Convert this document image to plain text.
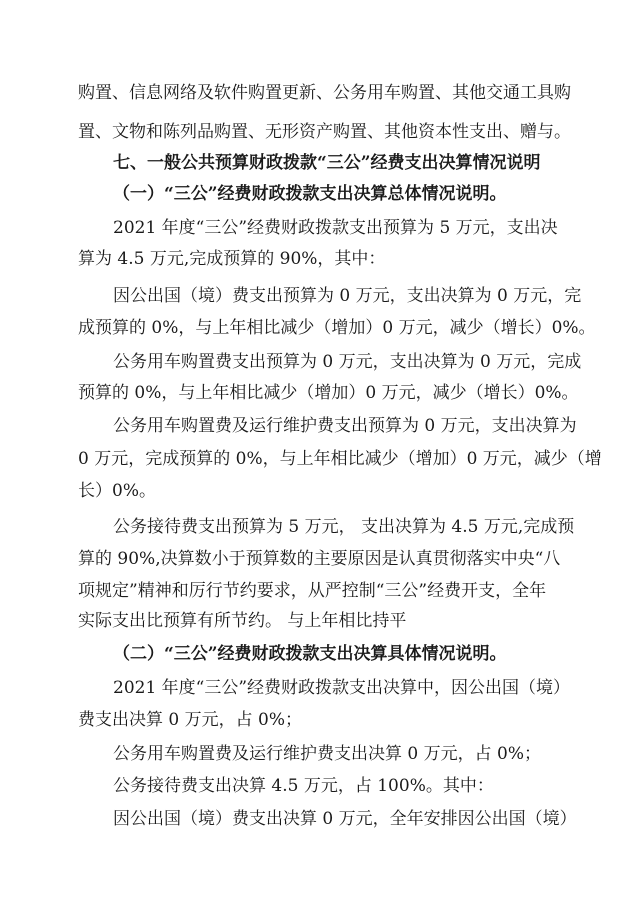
购置、信息网络及软件购置更新、公务用车购置、其他交通工具购
置、文物和陈列品购置、无形资产购置、其他资本性支出、赠与。
七、一般公共预算财政拨款“三公”经费支出决算情况说明
（一）“三公”经费财政拨款支出决算总体情况说明。
2021 年度“三公”经费财政拨款支出预算为 5 万元，支出决
算为 4.5 万元,完成预算的 90%，其中：
因公出国（境）费支出预算为 0 万元，支出决算为 0 万元，完
成预算的 0%，与上年相比减少（增加）0 万元，减少（增长）0%。
公务用车购置费支出预算为 0 万元，支出决算为 0 万元，完成
预算的 0%，与上年相比减少（增加）0 万元，减少（增长）0%。
公务用车购置费及运行维护费支出预算为 0 万元，支出决算为
0 万元，完成预算的 0%，与上年相比减少（增加）0 万元，减少（增
长）0%。
公务接待费支出预算为 5 万元， 支出决算为 4.5 万元,完成预
算的 90%,决算数小于预算数的主要原因是认真贯彻落实中央“八
项规定”精神和厉行节约要求，从严控制“三公”经费开支，全年
实际支出比预算有所节约。 与上年相比持平
（二）“三公”经费财政拨款支出决算具体情况说明。
2021 年度“三公”经费财政拨款支出决算中，因公出国（境）
费支出决算 0 万元，占 0%；
公务用车购置费及运行维护费支出决算 0 万元，占 0%；
公务接待费支出决算 4.5 万元，占 100%。其中：
因公出国（境）费支出决算 0 万元，全年安排因公出国（境）
